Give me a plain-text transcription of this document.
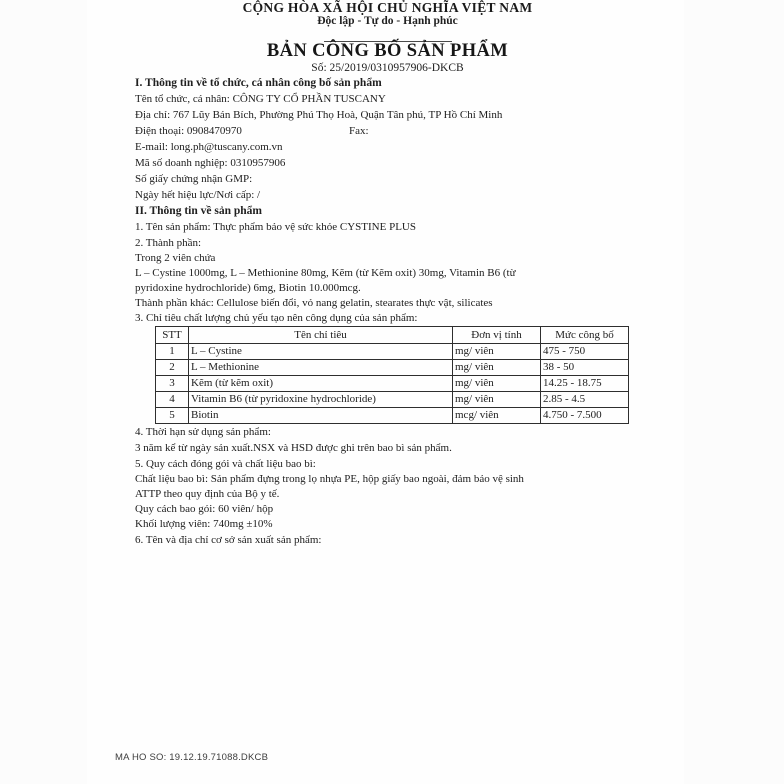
CỘNG HÒA XÃ HỘI CHỦ NGHĨA VIỆT NAM

Độc lập - Tự do - Hạnh phúc

BẢN CÔNG BỐ SẢN PHẨM

Số: 25/2019/0310957906-DKCB

I. Thông tin về tổ chức, cá nhân công bố sản phẩm

Tên tổ chức, cá nhân: CÔNG TY CỔ PHẦN TUSCANY

Địa chỉ: 767 Lũy Bán Bích, Phường Phú Thọ Hoà, Quận Tân phú, TP Hồ Chí Minh

Điện thoại: 0908470970	Fax:

E-mail: long.ph@tuscany.com.vn

Mã số doanh nghiệp: 0310957906

Số giấy chứng nhận GMP:

Ngày hết hiệu lực/Nơi cấp: /

II. Thông tin về sản phẩm

1. Tên sản phẩm: Thực phẩm bảo vệ sức khỏe CYSTINE PLUS

2. Thành phần:

Trong 2 viên chứa

L – Cystine 1000mg, L – Methionine 80mg, Kẽm (từ Kẽm oxit) 30mg, Vitamin B6 (từ

pyridoxine hydrochloride) 6mg, Biotin 10.000mcg.

Thành phần khác: Cellulose biến đổi, vỏ nang gelatin, stearates thực vật, silicates

3. Chỉ tiêu chất lượng chủ yếu tạo nên công dụng của sản phẩm:

STT	Tên chỉ tiêu	Đơn vị tính	Mức công bố
1	L – Cystine	mg/ viên	475 - 750
2	L – Methionine	mg/ viên	38 - 50
3	Kẽm (từ kẽm oxit)	mg/ viên	14.25 - 18.75
4	Vitamin B6 (từ pyridoxine hydrochloride)	mg/ viên	2.85 - 4.5
5	Biotin	mcg/ viên	4.750 - 7.500

4. Thời hạn sử dụng sản phẩm:

3 năm kể từ ngày sản xuất.NSX và HSD được ghi trên bao bì sản phẩm.

5. Quy cách đóng gói và chất liệu bao bì:

Chất liệu bao bì: Sản phẩm đựng trong lọ nhựa PE, hộp giấy bao ngoài, đảm bảo vệ sinh

ATTP theo quy định của Bộ y tế.

Quy cách bao gói: 60 viên/ hộp

Khối lượng viên: 740mg ±10%

6. Tên và địa chỉ cơ sở sản xuất sản phẩm:

MA HO SO: 19.12.19.71088.DKCB
